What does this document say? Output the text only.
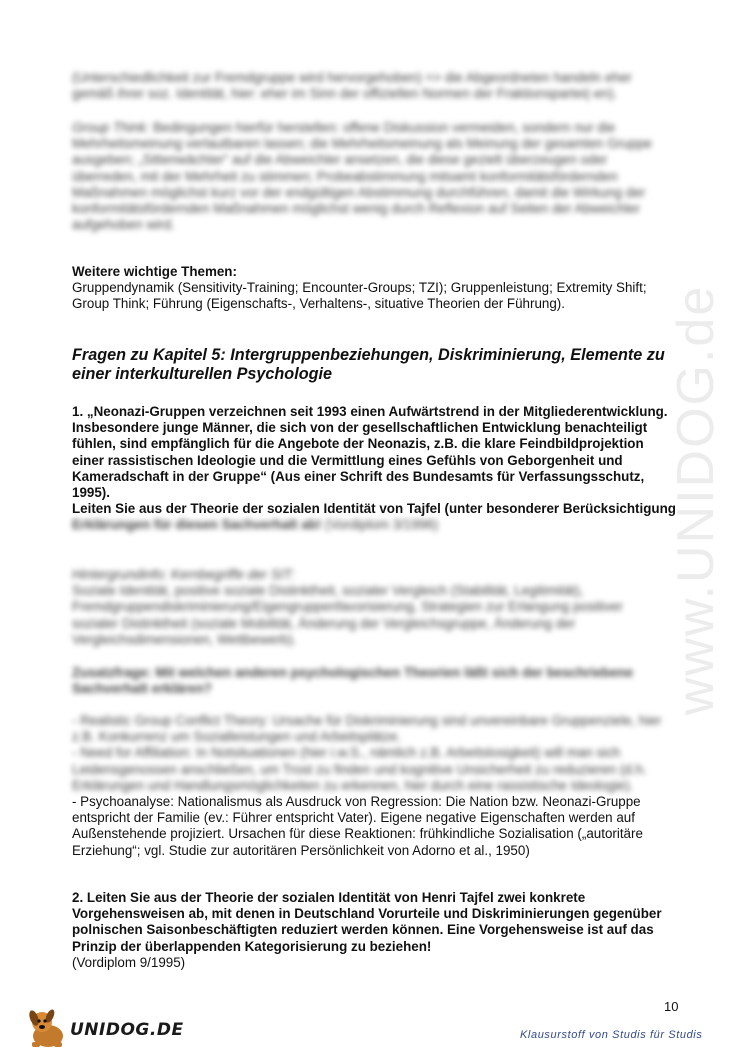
www.UNIDOG.de
(Unterschiedlichkeit zur Fremdgruppe wird hervorgehoben) => die Abgeordneten handeln eher gemäß ihrer soz. Identität, hier: eher im Sinn der offiziellen Normen der Fraktionspartei(-en).
Group Think: Bedingungen hierfür herstellen: offene Diskussion vermeiden, sondern nur die Mehrheitsmeinung verlautbaren lassen; die Mehrheitsmeinung als Meinung der gesamten Gruppe ausgeben; „Sittenwächter“ auf die Abweichler ansetzen, die diese gezielt überzeugen oder überreden, mit der Mehrheit zu stimmen; Probeabstimmung mitsamt konformitätsfördernden Maßnahmen möglichst kurz vor der endgültigen Abstimmung durchführen, damit die Wirkung der konformitätsfördernden Maßnahmen möglichst wenig durch Reflexion auf Seiten der Abweichler aufgehoben wird.
Weitere wichtige Themen:
Gruppendynamik (Sensitivity-Training; Encounter-Groups; TZI); Gruppenleistung; Extremity Shift; Group Think; Führung (Eigenschafts-, Verhaltens-, situative Theorien der Führung).
Fragen zu Kapitel 5: Intergruppenbeziehungen, Diskriminierung, Elemente zu einer interkulturellen Psychologie
1. „Neonazi-Gruppen verzeichnen seit 1993 einen Aufwärtstrend in der Mitgliederentwicklung. Insbesondere junge Männer, die sich von der gesellschaftlichen Entwicklung benachteiligt fühlen, sind empfänglich für die Angebote der Neonazis, z.B. die klare Feindbildprojektion einer rassistischen Ideologie und die Vermittlung eines Gefühls von Geborgenheit und Kameradschaft in der Gruppe“ (Aus einer Schrift des Bundesamts für Verfassungsschutz, 1995).
Leiten Sie aus der Theorie der sozialen Identität von Tajfel (unter besonderer Berücksichtigung
Erklärungen für diesen Sachverhalt ab! (Vordiplom 3/1996)
Hintergrundinfo: Kernbegriffe der SIT:
Soziale Identität, positive soziale Distinktheit, sozialer Vergleich (Stabilität, Legitimität), Fremdgruppendiskriminierung/Eigengruppenfavorisierung, Strategien zur Erlangung positiver sozialer Distinktheit (soziale Mobilität, Änderung der Vergleichsgruppe, Änderung der Vergleichsdimensionen, Wettbewerb).
Zusatzfrage: Mit welchen anderen psychologischen Theorien läßt sich der beschriebene Sachverhalt erklären?
- Realistic Group Conflict Theory: Ursache für Diskriminierung sind unvereinbare Gruppenziele, hier z.B. Konkurrenz um Sozialleistungen und Arbeitsplätze.
- Need for Affiliation: In Notsituationen (hier i.w.S., nämlich z.B. Arbeitslosigkeit) will man sich Leidensgenossen anschließen, um Trost zu finden und kognitive Unsicherheit zu reduzieren (d.h. Erklärungen und Handlungsmöglichkeiten zu erkennen, hier durch eine rassistische Ideologie).
- Psychoanalyse: Nationalismus als Ausdruck von Regression: Die Nation bzw. Neonazi-Gruppe entspricht der Familie (ev.: Führer entspricht Vater). Eigene negative Eigenschaften werden auf Außenstehende projiziert. Ursachen für diese Reaktionen: frühkindliche Sozialisation („autoritäre Erziehung“; vgl. Studie zur autoritären Persönlichkeit von Adorno et al., 1950)
2. Leiten Sie aus der Theorie der sozialen Identität von Henri Tajfel zwei konkrete Vorgehensweisen ab, mit denen in Deutschland Vorurteile und Diskriminierungen gegenüber polnischen Saisonbeschäftigten reduziert werden können. Eine Vorgehensweise ist auf das Prinzip der überlappenden Kategorisierung zu beziehen!
(Vordiplom 9/1995)
10
UNIDOG.DE	Klausurstoff von Studis für Studis
